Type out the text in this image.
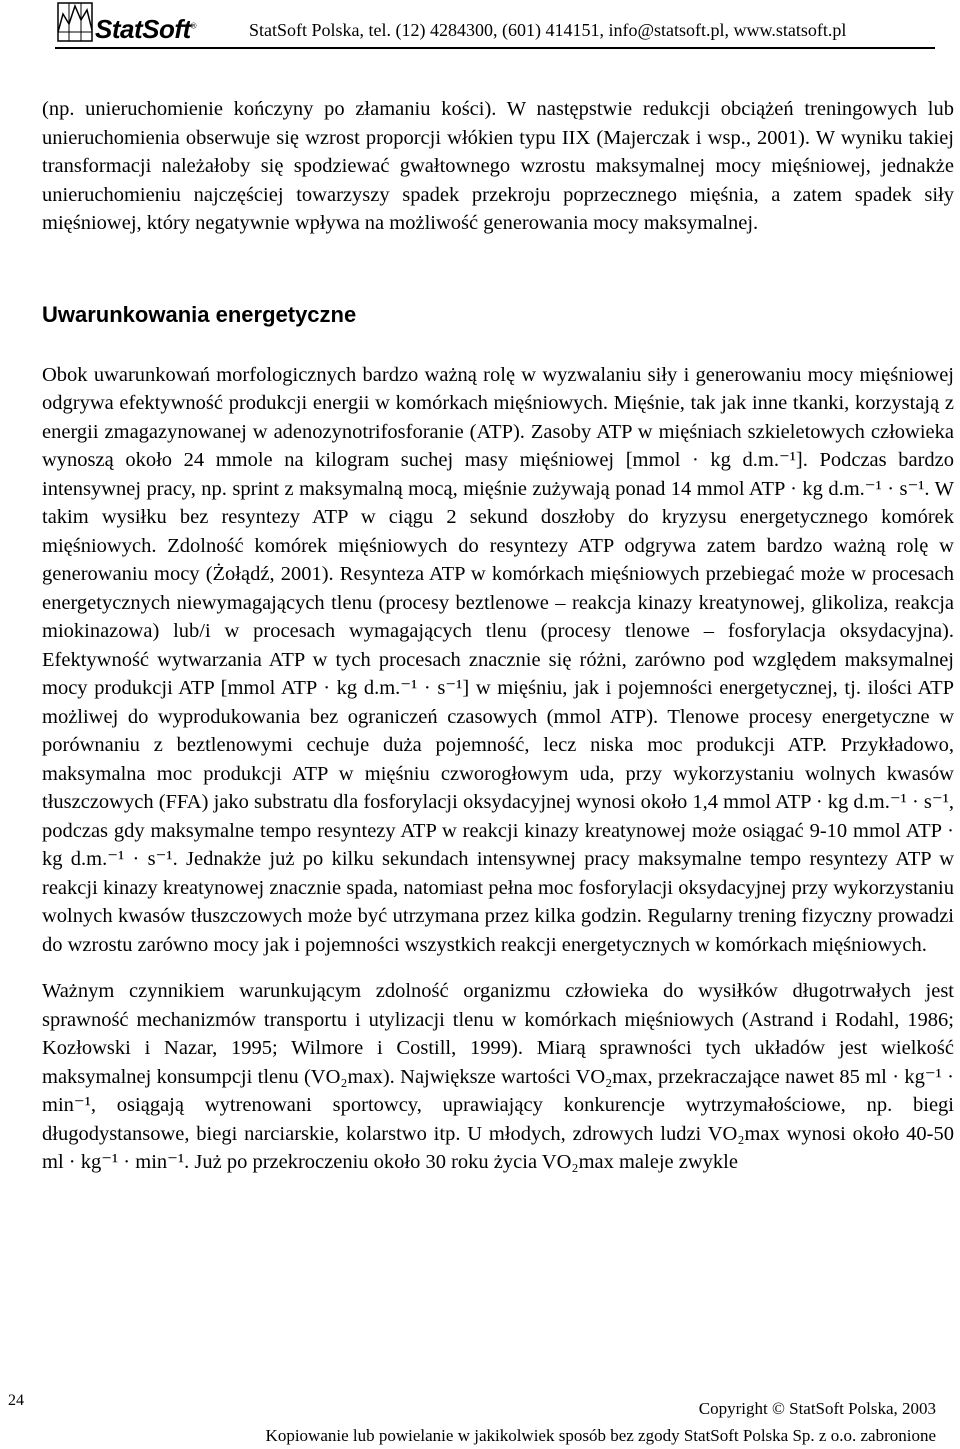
StatSoft®	StatSoft Polska, tel. (12) 4284300, (601) 414151, info@statsoft.pl, www.statsoft.pl

(np. unieruchomienie kończyny po złamaniu kości). W następstwie redukcji obciążeń treningowych lub unieruchomienia obserwuje się wzrost proporcji włókien typu IIX (Majerczak i wsp., 2001). W wyniku takiej transformacji należałoby się spodziewać gwałtownego wzrostu maksymalnej mocy mięśniowej, jednakże unieruchomieniu najczęściej towarzyszy spadek przekroju poprzecznego mięśnia, a zatem spadek siły mięśniowej, który negatywnie wpływa na możliwość generowania mocy maksymalnej.

Uwarunkowania energetyczne

Obok uwarunkowań morfologicznych bardzo ważną rolę w wyzwalaniu siły i generowaniu mocy mięśniowej odgrywa efektywność produkcji energii w komórkach mięśniowych. Mięśnie, tak jak inne tkanki, korzystają z energii zmagazynowanej w adenozynotrifosforanie (ATP). Zasoby ATP w mięśniach szkieletowych człowieka wynoszą około 24 mmole na kilogram suchej masy mięśniowej [mmol · kg d.m.⁻¹]. Podczas bardzo intensywnej pracy, np. sprint z maksymalną mocą, mięśnie zużywają ponad 14 mmol ATP · kg d.m.⁻¹ · s⁻¹. W takim wysiłku bez resyntezy ATP w ciągu 2 sekund doszłoby do kryzysu energetycznego komórek mięśniowych. Zdolność komórek mięśniowych do resyntezy ATP odgrywa zatem bardzo ważną rolę w generowaniu mocy (Żołądź, 2001). Resynteza ATP w komórkach mięśniowych przebiegać może w procesach energetycznych niewymagających tlenu (procesy beztlenowe – reakcja kinazy kreatynowej, glikoliza, reakcja miokinazowa) lub/i w procesach wymagających tlenu (procesy tlenowe – fosforylacja oksydacyjna). Efektywność wytwarzania ATP w tych procesach znacznie się różni, zarówno pod względem maksymalnej mocy produkcji ATP [mmol ATP · kg d.m.⁻¹ · s⁻¹] w mięśniu, jak i pojemności energetycznej, tj. ilości ATP możliwej do wyprodukowania bez ograniczeń czasowych (mmol ATP). Tlenowe procesy energetyczne w porównaniu z beztlenowymi cechuje duża pojemność, lecz niska moc produkcji ATP. Przykładowo, maksymalna moc produkcji ATP w mięśniu czworogłowym uda, przy wykorzystaniu wolnych kwasów tłuszczowych (FFA) jako substratu dla fosforylacji oksydacyjnej wynosi około 1,4 mmol ATP · kg d.m.⁻¹ · s⁻¹, podczas gdy maksymalne tempo resyntezy ATP w reakcji kinazy kreatynowej może osiągać 9-10 mmol ATP · kg d.m.⁻¹ · s⁻¹. Jednakże już po kilku sekundach intensywnej pracy maksymalne tempo resyntezy ATP w reakcji kinazy kreatynowej znacznie spada, natomiast pełna moc fosforylacji oksydacyjnej przy wykorzystaniu wolnych kwasów tłuszczowych może być utrzymana przez kilka godzin. Regularny trening fizyczny prowadzi do wzrostu zarówno mocy jak i pojemności wszystkich reakcji energetycznych w komórkach mięśniowych.

Ważnym czynnikiem warunkującym zdolność organizmu człowieka do wysiłków długotrwałych jest sprawność mechanizmów transportu i utylizacji tlenu w komórkach mięśniowych (Astrand i Rodahl, 1986; Kozłowski i Nazar, 1995; Wilmore i Costill, 1999). Miarą sprawności tych układów jest wielkość maksymalnej konsumpcji tlenu (VO₂max). Największe wartości VO₂max, przekraczające nawet 85 ml · kg⁻¹ · min⁻¹, osiągają wytrenowani sportowcy, uprawiający konkurencje wytrzymałościowe, np. biegi długodystansowe, biegi narciarskie, kolarstwo itp. U młodych, zdrowych ludzi VO₂max wynosi około 40-50 ml · kg⁻¹ · min⁻¹. Już po przekroczeniu około 30 roku życia VO₂max maleje zwykle

24	Copyright © StatSoft Polska, 2003
Kopiowanie lub powielanie w jakikolwiek sposób bez zgody StatSoft Polska Sp. z o.o. zabronione
